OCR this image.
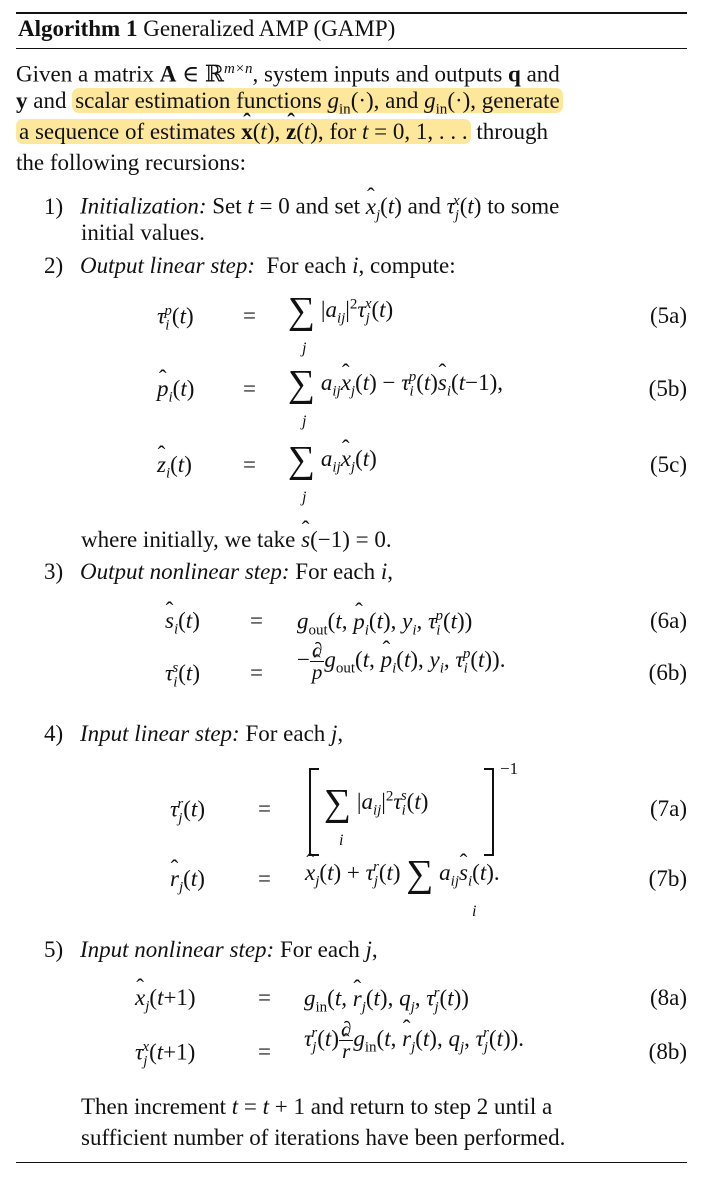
Algorithm 1 Generalized AMP (GAMP)
Given a matrix A ∈ ℝ$^{m\times n}$, system inputs and outputs q and
y and scalar estimation functions $g_{in}(\cdot)$, and $g_{in}(\cdot)$, generate
a sequence of estimates ̂ x(t), ̂ z(t), for t = 0, 1, . . . through
the following recursions:
1) Initialization: Set t = 0 and set ̂ $x_j(t)$ and $\tau_j^x(t)$ to some
initial values.
2) Output linear step: For each i, compute:
$\tau_i^p(t)$ = ∑ $|a_{ij}|^2\tau_j^x(t)$
j
(5a)
̂ $p_i(t)$ = ∑ $a_{ij}̂$ $x_j(t)$ − $\tau_i^p(t)̂$ $s_i(t-1)$,
j
(5b)
̂ $z_i(t)$ = ∑ $a_{ij}̂$ $x_j(t)$
j
(5c)
where initially, we take ̂ s(−1) = 0.
3) Output nonlinear step: For each i,
̂ $s_i(t) = g_{out}(t$, ̂ $p_i(t)$, $y_i$, $\tau_i^p(t)$)	(6a)
$\tau_i^s(t)$ =
− ∂
̂ p $g_{out}(t$, ̂ $p_i(t)$, $y_i$, $\tau_i^p(t)$).
(6b)
4) Input linear step: For each j,
$\tau_j^r(t)$ = ∑ $|a_{ij}|^2\tau_i^s(t)$
i
−1
(7a)
̂ $r_j(t)$ = ̂ $x_j(t) + \tau_j^r(t)$ ∑ $a_{ij}̂$ $s_i(t)$.
i
(7b)
5) Input nonlinear step: For each j,
̂ $x_j(t+1)$	= $g_{in}(t$, ̂ $r_j(t)$, $q_j$, $\tau_j^r(t)$)	(8a)
$\tau_j^x(t+1)$	=
$\tau_j^r(t)$ ∂
̂ r $g_{in}(t$, ̂ $r_j(t)$, $q_j$, $\tau_j^r(t)$).
(8b)
Then increment t = t + 1 and return to step 2 until a
sufficient number of iterations have been performed.
